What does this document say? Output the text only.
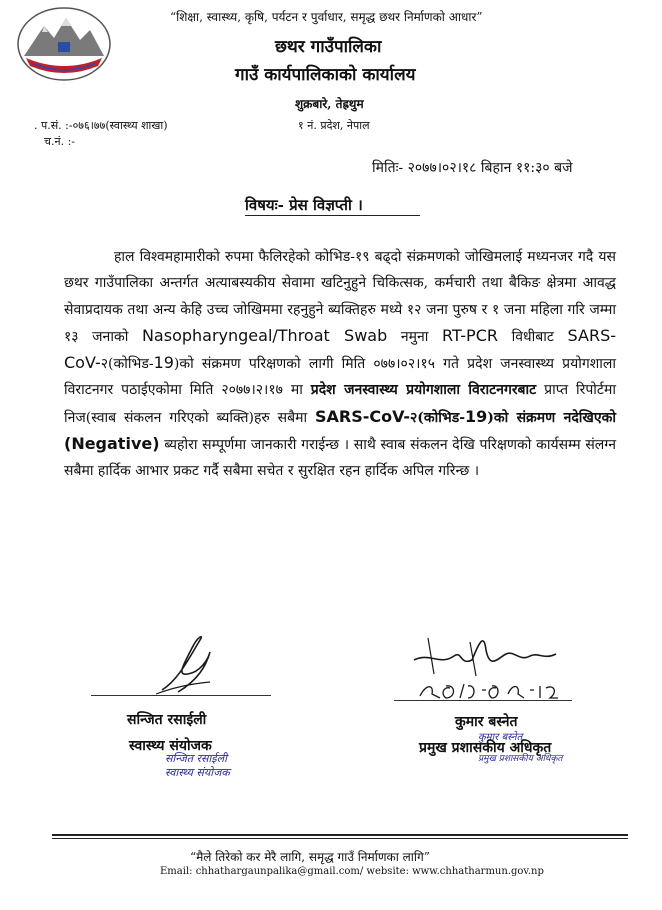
“शिक्षा, स्वास्थ्य, कृषि, पर्यटन र पुर्वाधार, समृद्ध छथर निर्माणको आधार”
छथर गाउँपालिका
गाउँ कार्यपालिकाको कार्यालय
शुक्रबारे, तेह्रथुम
. प.सं. :-०७६।७७(स्वास्थ्य शाखा)
च.नं. :-
१ नं. प्रदेश, नेपाल
मितिः- २०७७।०२।१८ बिहान ११:३० बजे
विषयः- प्रेस विज्ञप्ती ।
हाल विश्वमहामारीको रुपमा फैलिरहेको कोभिड-१९ बढ्दो संक्रमणको जोखिमलाई मध्यनजर गदै यस छथर गाउँपालिका अन्तर्गत अत्याबस्यकीय सेवामा खटिनुहुने चिकित्सक, कर्मचारी तथा बैकिङ क्षेत्रमा आवद्ध सेवाप्रदायक तथा अन्य केहि उच्च जोखिममा रहनुहुने ब्यक्तिहरु मध्ये १२ जना पुरुष र १ जना महिला गरि जम्मा १३ जनाको Nasopharyngeal/Throat Swab नमुना RT-PCR विधीबाट SARS-CoV-२(कोभिड-19)को संक्रमण परिक्षणको लागी मिति ०७७।०२।१५ गते प्रदेश जनस्वास्थ्य प्रयोगशाला विराटनगर पठाईएकोमा मिति २०७७।२।१७ मा प्रदेश जनस्वास्थ्य प्रयोगशाला विराटनगरबाट प्राप्त रिपोर्टमा निज(स्वाब संकलन गरिएको ब्यक्ति)हरु सबैमा SARS-CoV-२(कोभिड-19)को संक्रमण नदेखिएको (Negative) ब्यहोरा सम्पूर्णमा जानकारी गराईन्छ । साथै स्वाब संकलन देखि परिक्षणको कार्यसम्म संलग्न सबैमा हार्दिक आभार प्रकट गर्दै सबैमा सचेत र सुरक्षित रहन हार्दिक अपिल गरिन्छ ।
सन्जित रसाईली
स्वास्थ्य संयोजक
सन्जित रसाईली
स्वास्थ्य संयोजक
कुमार बस्नेत
कुमार बस्नेत
प्रमुख प्रशासकीय अधिकृत
प्रमुख प्रशासकीय अधिकृत
“मैले तिरेको कर मेरै लागि, समृद्ध गाउँ निर्माणका लागि”
Email: chhathargaunpalika@gmail.com/ website: www.chhatharmun.gov.np
